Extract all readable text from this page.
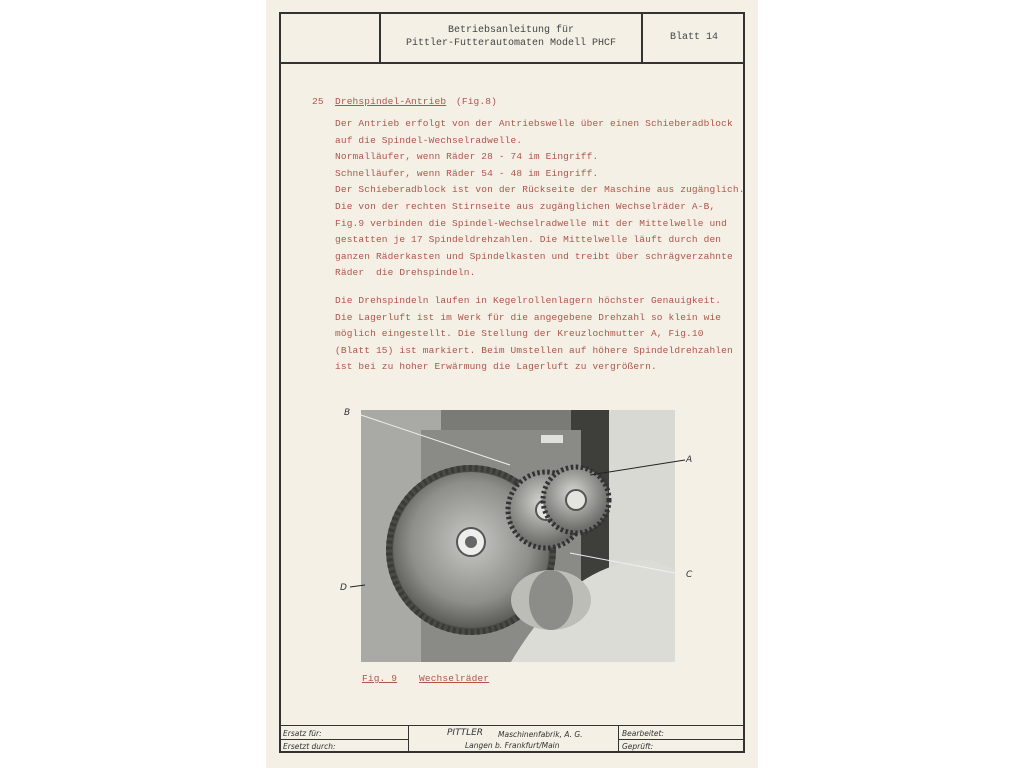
Betriebsanleitung für
Pittler-Futterautomaten Modell PHCF
Blatt 14
25 Drehspindel-Antrieb (Fig.8)
Der Antrieb erfolgt von der Antriebswelle über einen Schieberadblock
auf die Spindel-Wechselradwelle.
Normalläufer, wenn Räder 28 - 74 im Eingriff.
Schnelläufer, wenn Räder 54 - 48 im Eingriff.
Der Schieberadblock ist von der Rückseite der Maschine aus zugänglich.
Die von der rechten Stirnseite aus zugänglichen Wechselräder A-B,
Fig.9 verbinden die Spindel-Wechselradwelle mit der Mittelwelle und
gestatten je 17 Spindeldrehzahlen. Die Mittelwelle läuft durch den
ganzen Räderkasten und Spindelkasten und treibt über schrägverzahnte
Räder  die Drehspindeln.
Die Drehspindeln laufen in Kegelrollenlagern höchster Genauigkeit.
Die Lagerluft ist im Werk für die angegebene Drehzahl so klein wie
möglich eingestellt. Die Stellung der Kreuzlochmutter A, Fig.10
(Blatt 15) ist markiert. Beim Umstellen auf höhere Spindeldrehzahlen
ist bei zu hoher Erwärmung die Lagerluft zu vergrößern.
B
A
C
D
Fig. 9 Wechselräder
Ersatz für:
Ersetzt durch:
PITTLER Maschinenfabrik, A. G.
Langen b. Frankfurt/Main
Bearbeitet:
Geprüft:
